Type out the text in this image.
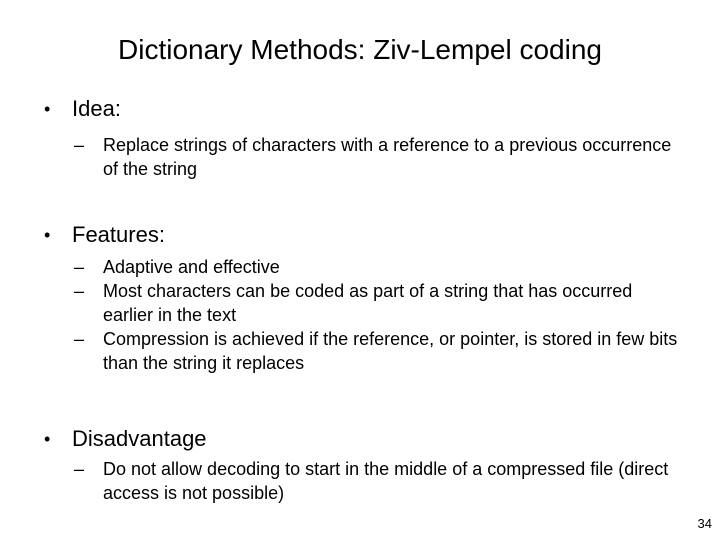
Dictionary Methods: Ziv-Lempel coding
• Idea:
– Replace strings of characters with a reference to a previous occurrence of the string
• Features:
– Adaptive and effective
– Most characters can be coded as part of a string that has occurred earlier in the text
– Compression is achieved if the reference, or pointer, is stored in few bits than the string it replaces
• Disadvantage
– Do not allow decoding to start in the middle of a compressed file (direct access is not possible)
34
